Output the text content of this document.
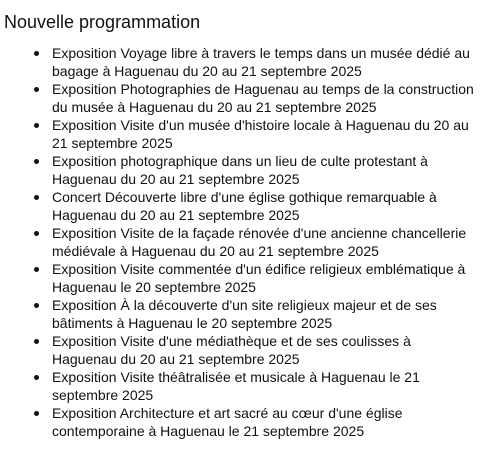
Nouvelle programmation
Exposition Voyage libre à travers le temps dans un musée dédié au bagage à Haguenau du 20 au 21 septembre 2025
Exposition Photographies de Haguenau au temps de la construction du musée à Haguenau du 20 au 21 septembre 2025
Exposition Visite d'un musée d'histoire locale à Haguenau du 20 au 21 septembre 2025
Exposition photographique dans un lieu de culte protestant à Haguenau du 20 au 21 septembre 2025
Concert Découverte libre d'une église gothique remarquable à Haguenau du 20 au 21 septembre 2025
Exposition Visite de la façade rénovée d'une ancienne chancellerie médiévale à Haguenau du 20 au 21 septembre 2025
Exposition Visite commentée d'un édifice religieux emblématique à Haguenau le 20 septembre 2025
Exposition À la découverte d'un site religieux majeur et de ses bâtiments à Haguenau le 20 septembre 2025
Exposition Visite d'une médiathèque et de ses coulisses à Haguenau du 20 au 21 septembre 2025
Exposition Visite théâtralisée et musicale à Haguenau le 21 septembre 2025
Exposition Architecture et art sacré au cœur d'une église contemporaine à Haguenau le 21 septembre 2025
